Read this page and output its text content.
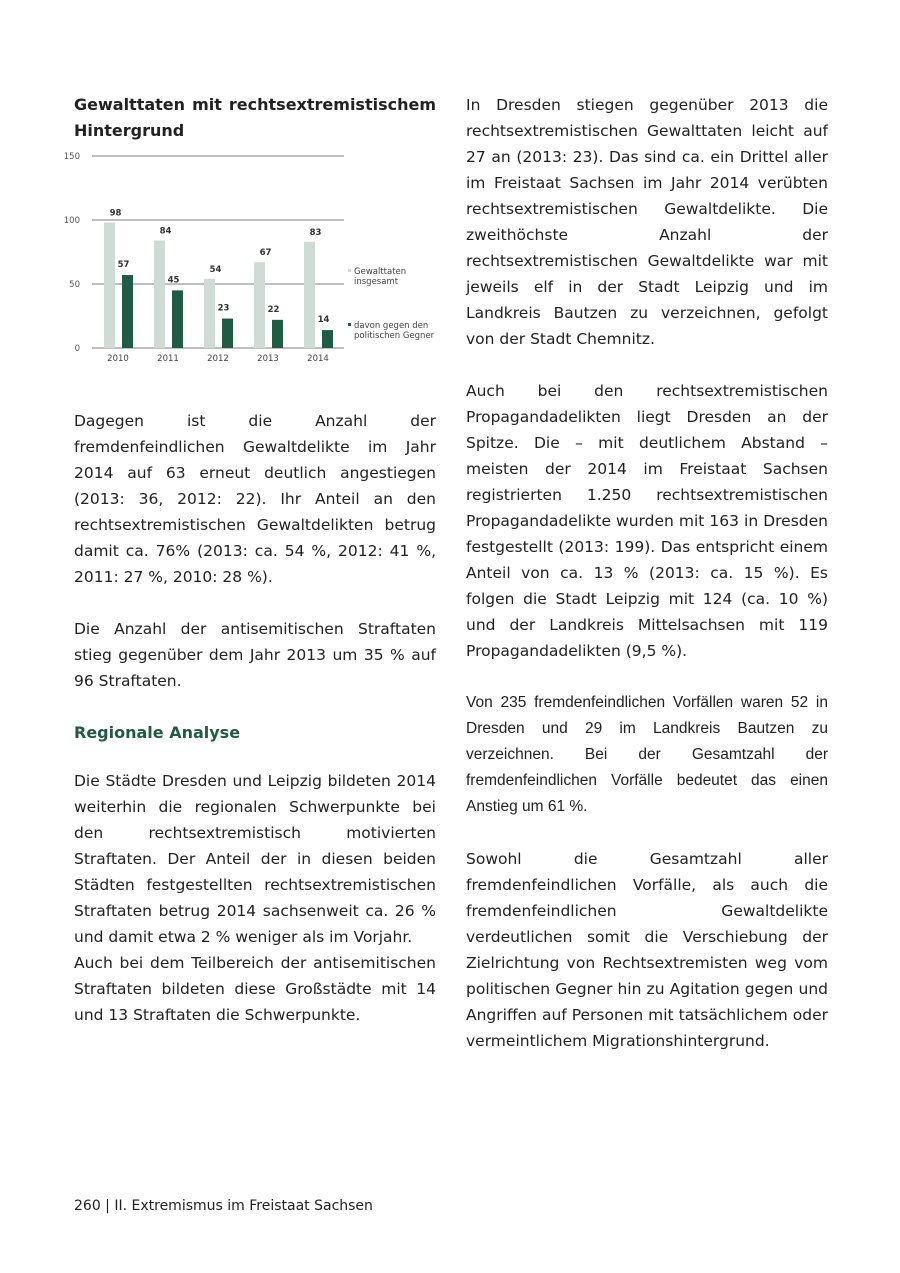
Gewalttaten mit rechtsextremistischem Hintergrund
0
50
100
150
98
57
2010
84
45
2011
54
23
2012
67
22
2013
83
14
2014
Gewalttaten insgesamt
davon gegen den politischen Gegner

Dagegen ist die Anzahl der fremdenfeindlichen Gewaltdelikte im Jahr 2014 auf 63 erneut deutlich angestiegen (2013: 36, 2012: 22). Ihr Anteil an den rechtsextremistischen Gewaltdelikten betrug damit ca. 76% (2013: ca. 54 %, 2012: 41 %, 2011: 27 %, 2010: 28 %).

Die Anzahl der antisemitischen Straftaten stieg gegenüber dem Jahr 2013 um 35 % auf 96 Straftaten.

Regionale Analyse

Die Städte Dresden und Leipzig bildeten 2014 weiterhin die regionalen Schwerpunkte bei den rechtsextremistisch motivierten Straftaten. Der Anteil der in diesen beiden Städten festgestellten rechtsextremistischen Straftaten betrug 2014 sachsenweit ca. 26 % und damit etwa 2 % weniger als im Vorjahr.

Auch bei dem Teilbereich der antisemitischen Straftaten bildeten diese Großstädte mit 14 und 13 Straftaten die Schwerpunkte.

In Dresden stiegen gegenüber 2013 die rechtsextremistischen Gewalttaten leicht auf 27 an (2013: 23). Das sind ca. ein Drittel aller im Freistaat Sachsen im Jahr 2014 verübten rechtsextremistischen Gewaltdelikte. Die zweithöchste Anzahl der rechtsextremistischen Gewaltdelikte war mit jeweils elf in der Stadt Leipzig und im Landkreis Bautzen zu verzeichnen, gefolgt von der Stadt Chemnitz.

Auch bei den rechtsextremistischen Propagandadelikten liegt Dresden an der Spitze. Die – mit deutlichem Abstand – meisten der 2014 im Freistaat Sachsen registrierten 1.250 rechtsextremistischen Propagandadelikte wurden mit 163 in Dresden festgestellt (2013: 199). Das entspricht einem Anteil von ca. 13 % (2013: ca. 15 %). Es folgen die Stadt Leipzig mit 124 (ca. 10 %) und der Landkreis Mittelsachsen mit 119 Propagandadelikten (9,5 %).

Von 235 fremdenfeindlichen Vorfällen waren 52 in Dresden und 29 im Landkreis Bautzen zu verzeichnen. Bei der Gesamtzahl der fremdenfeindlichen Vorfälle bedeutet das einen Anstieg um 61 %.

Sowohl die Gesamtzahl aller fremdenfeindlichen Vorfälle, als auch die fremdenfeindlichen Gewaltdelikte verdeutlichen somit die Verschiebung der Zielrichtung von Rechtsextremisten weg vom politischen Gegner hin zu Agitation gegen und Angriffen auf Personen mit tatsächlichem oder vermeintlichem Migrationshintergrund.

260 | II. Extremismus im Freistaat Sachsen
